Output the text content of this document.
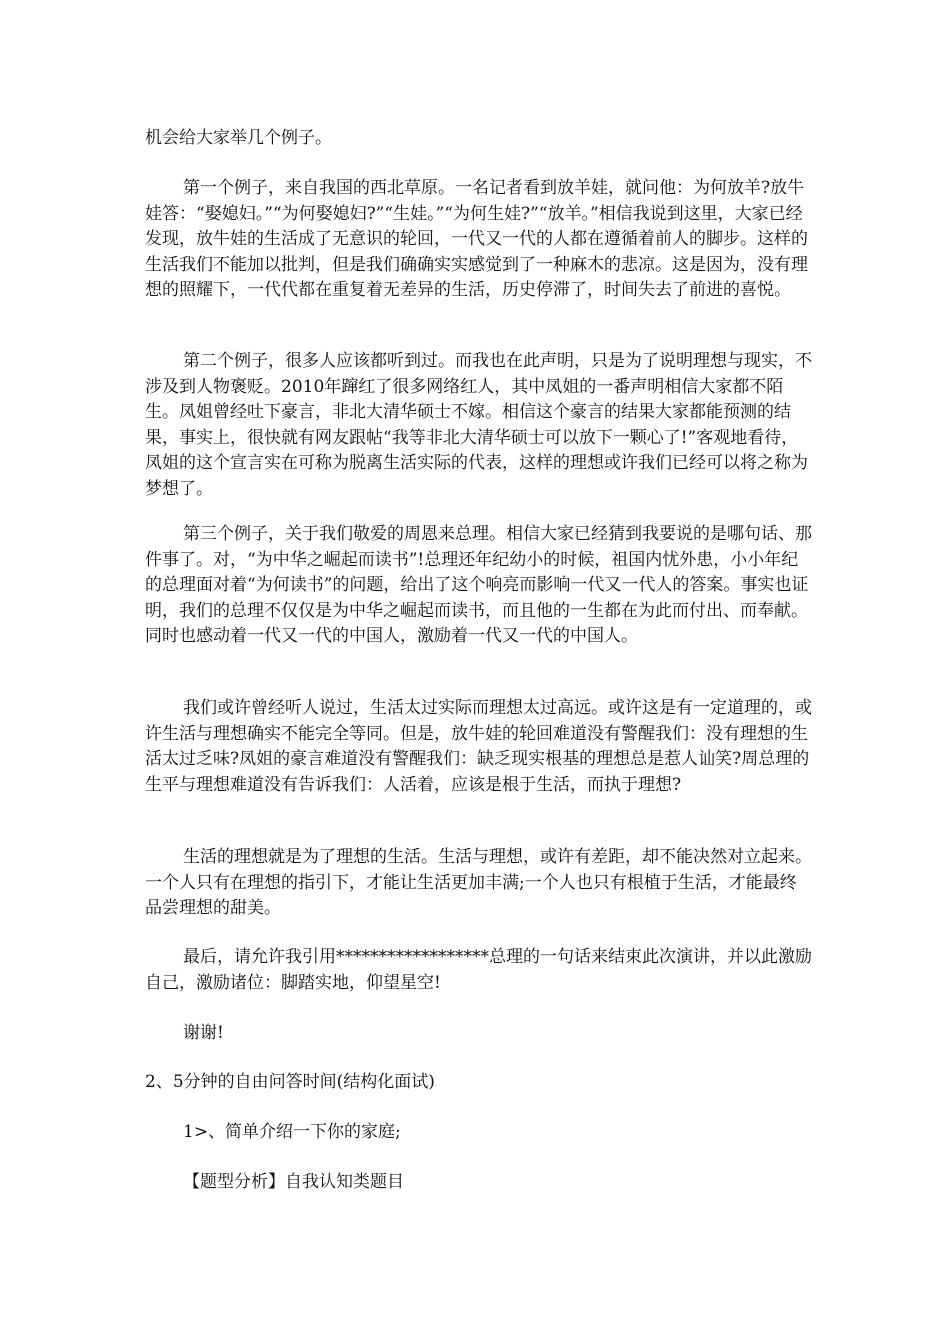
机会给大家举几个例子。

第一个例子，来自我国的西北草原。一名记者看到放羊娃，就问他：为何放羊?放牛娃答：“娶媳妇。”“为何娶媳妇?”“生娃。”“为何生娃?”“放羊。”相信我说到这里，大家已经发现，放牛娃的生活成了无意识的轮回，一代又一代的人都在遵循着前人的脚步。这样的生活我们不能加以批判，但是我们确确实实感觉到了一种麻木的悲凉。这是因为，没有理想的照耀下，一代代都在重复着无差异的生活，历史停滞了，时间失去了前进的喜悦。

第二个例子，很多人应该都听到过。而我也在此声明，只是为了说明理想与现实，不涉及到人物褒贬。2010年蹿红了很多网络红人，其中凤姐的一番声明相信大家都不陌生。凤姐曾经吐下豪言，非北大清华硕士不嫁。相信这个豪言的结果大家都能预测的结果，事实上，很快就有网友跟帖“我等非北大清华硕士可以放下一颗心了!”客观地看待，凤姐的这个宣言实在可称为脱离生活实际的代表，这样的理想或许我们已经可以将之称为梦想了。

第三个例子，关于我们敬爱的周恩来总理。相信大家已经猜到我要说的是哪句话、那件事了。对，“为中华之崛起而读书”!总理还年纪幼小的时候，祖国内忧外患，小小年纪的总理面对着“为何读书”的问题，给出了这个响亮而影响一代又一代人的答案。事实也证明，我们的总理不仅仅是为中华之崛起而读书，而且他的一生都在为此而付出、而奉献。同时也感动着一代又一代的中国人，激励着一代又一代的中国人。

我们或许曾经听人说过，生活太过实际而理想太过高远。或许这是有一定道理的，或许生活与理想确实不能完全等同。但是，放牛娃的轮回难道没有警醒我们：没有理想的生活太过乏味?凤姐的豪言难道没有警醒我们：缺乏现实根基的理想总是惹人讪笑?周总理的生平与理想难道没有告诉我们：人活着，应该是根于生活，而执于理想?

生活的理想就是为了理想的生活。生活与理想，或许有差距，却不能决然对立起来。一个人只有在理想的指引下，才能让生活更加丰满;一个人也只有根植于生活，才能最终品尝理想的甜美。

最后，请允许我引用******************总理的一句话来结束此次演讲，并以此激励自己，激励诸位：脚踏实地，仰望星空!

谢谢!

2、5分钟的自由问答时间(结构化面试)

1>、简单介绍一下你的家庭;

【题型分析】自我认知类题目
